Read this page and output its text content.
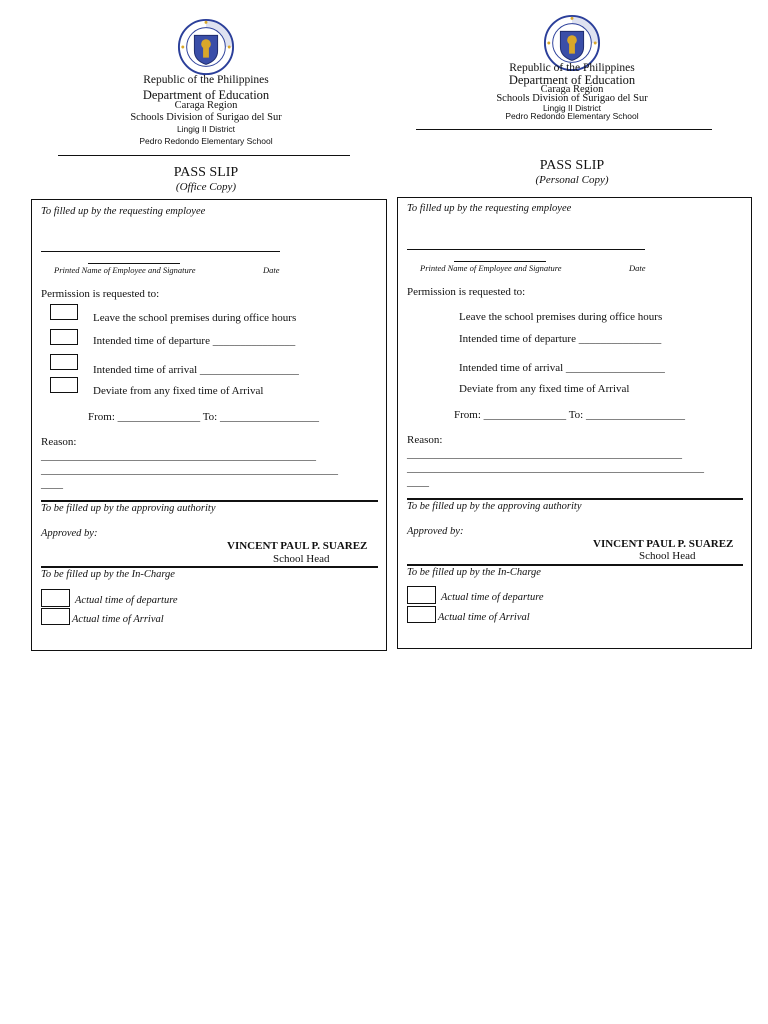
Republic of the Philippines
Department of Education
Caraga Region
Schools Division of Surigao del Sur
Lingig II District
Pedro Redondo Elementary School
PASS SLIP
(Office Copy)
To filled up by the requesting employee
Printed Name of Employee and Signature	Date
Permission is requested to:
Leave the school premises during office hours
Intended time of departure _______________
Intended time of arrival __________________
Deviate from any fixed time of Arrival
From: _______________ To: __________________
Reason:
__________________________________________________
______________________________________________________
____
To be filled up by the approving authority
Approved by:
VINCENT PAUL P. SUAREZ
School Head
To be filled up by the In-Charge
Actual time of departure
Actual time of Arrival
Republic of the Philippines
Department of Education
Caraga Region
Schools Division of Surigao del Sur
Lingig II District
Pedro Redondo Elementary School
PASS SLIP
(Personal Copy)
To filled up by the requesting employee
Printed Name of Employee and Signature	Date
Permission is requested to:
Leave the school premises during office hours
Intended time of departure _______________
Intended time of arrival __________________
Deviate from any fixed time of Arrival
From: _______________ To: __________________
Reason:
__________________________________________________
______________________________________________________
____
To be filled up by the approving authority
Approved by:
VINCENT PAUL P. SUAREZ
School Head
To be filled up by the In-Charge
Actual time of departure
Actual time of Arrival
